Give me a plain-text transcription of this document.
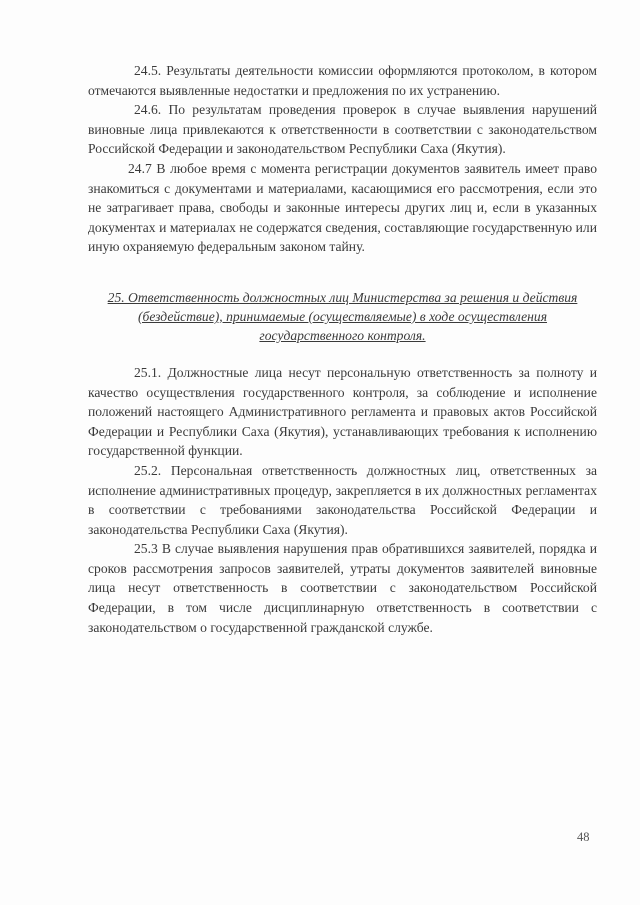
24.5. Результаты деятельности комиссии оформляются протоколом, в котором отмечаются выявленные недостатки и предложения по их устранению.

24.6. По результатам проведения проверок в случае выявления нарушений виновные лица привлекаются к ответственности в соответствии с законодательством Российской Федерации и законодательством Республики Саха (Якутия).

24.7 В любое время с момента регистрации документов заявитель имеет право знакомиться с документами и материалами, касающимися его рассмотрения, если это не затрагивает права, свободы и законные интересы других лиц и, если в указанных документах и материалах не содержатся сведения, составляющие государственную или иную охраняемую федеральным законом тайну.

25. Ответственность должностных лиц Министерства за решения и действия (бездействие), принимаемые (осуществляемые) в ходе осуществления государственного контроля.

25.1. Должностные лица несут персональную ответственность за полноту и качество осуществления государственного контроля, за соблюдение и исполнение положений настоящего Административного регламента и правовых актов Российской Федерации и Республики Саха (Якутия), устанавливающих требования к исполнению государственной функции.

25.2. Персональная ответственность должностных лиц, ответственных за исполнение административных процедур, закрепляется в их должностных регламентах в соответствии с требованиями законодательства Российской Федерации и законодательства Республики Саха (Якутия).

25.3 В случае выявления нарушения прав обратившихся заявителей, порядка и сроков рассмотрения запросов заявителей, утраты документов заявителей виновные лица несут ответственность в соответствии с законодательством Российской Федерации, в том числе дисциплинарную ответственность в соответствии с законодательством о государственной гражданской службе.

48
